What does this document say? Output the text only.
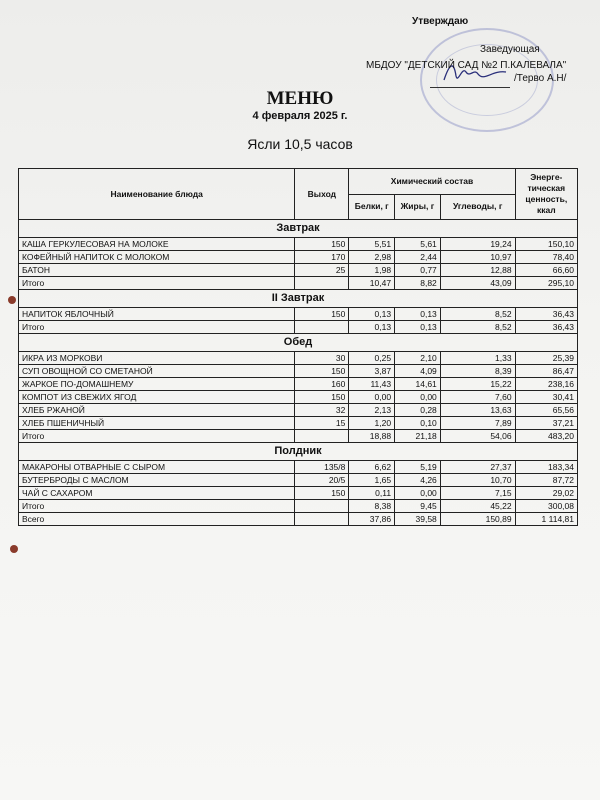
Утверждаю
Заведующая
МБДОУ "ДЕТСКИЙ САД №2 П.КАЛЕВАЛА"
/Терво А.Н/
МЕНЮ
4 февраля 2025 г.
Ясли 10,5 часов
Наименование блюда	Выход	Химический состав			Энерге-тическая ценность, ккал
		Белки, г	Жиры, г	Углеводы, г	
Завтрак					
КАША ГЕРКУЛЕСОВАЯ НА МОЛОКЕ	150	5,51	5,61	19,24	150,10
КОФЕЙНЫЙ НАПИТОК С МОЛОКОМ	170	2,98	2,44	10,97	78,40
БАТОН	25	1,98	0,77	12,88	66,60
Итого		10,47	8,82	43,09	295,10
II Завтрак					
НАПИТОК ЯБЛОЧНЫЙ	150	0,13	0,13	8,52	36,43
Итого		0,13	0,13	8,52	36,43
Обед					
ИКРА ИЗ МОРКОВИ	30	0,25	2,10	1,33	25,39
СУП ОВОЩНОЙ СО СМЕТАНОЙ	150	3,87	4,09	8,39	86,47
ЖАРКОЕ ПО-ДОМАШНЕМУ	160	11,43	14,61	15,22	238,16
КОМПОТ ИЗ СВЕЖИХ ЯГОД	150	0,00	0,00	7,60	30,41
ХЛЕБ РЖАНОЙ	32	2,13	0,28	13,63	65,56
ХЛЕБ ПШЕНИЧНЫЙ	15	1,20	0,10	7,89	37,21
Итого		18,88	21,18	54,06	483,20
Полдник					
МАКАРОНЫ ОТВАРНЫЕ С СЫРОМ	135/8	6,62	5,19	27,37	183,34
БУТЕРБРОДЫ С МАСЛОМ	20/5	1,65	4,26	10,70	87,72
ЧАЙ С САХАРОМ	150	0,11	0,00	7,15	29,02
Итого		8,38	9,45	45,22	300,08
Всего		37,86	39,58	150,89	1 114,81
